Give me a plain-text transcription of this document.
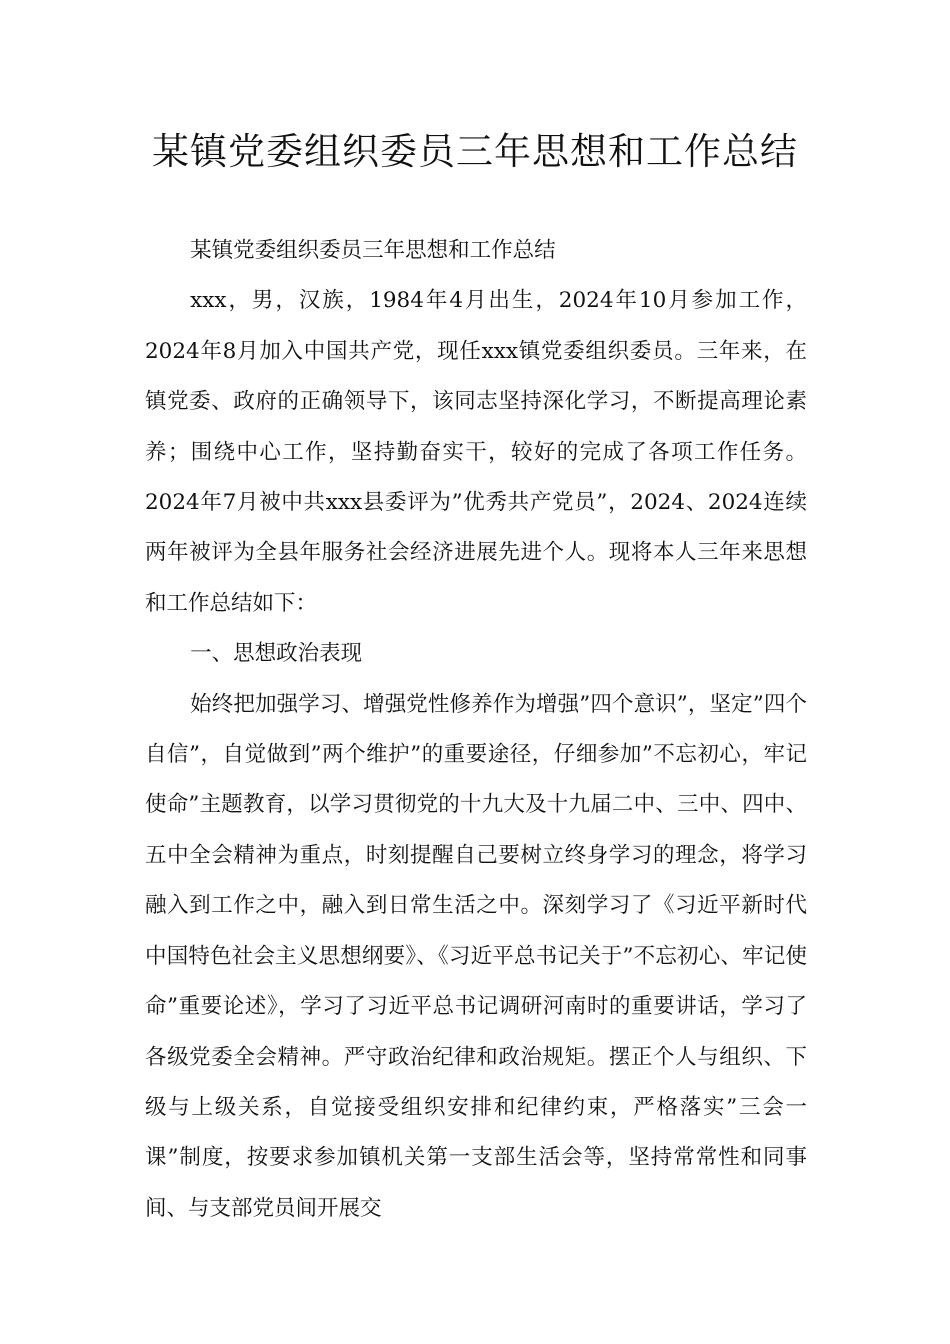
某镇党委组织委员三年思想和工作总结

某镇党委组织委员三年思想和工作总结

xxx，男，汉族，1984年4月出生，2024年10月参加工作，2024年8月加入中国共产党，现任xxx镇党委组织委员。三年来，在镇党委、政府的正确领导下，该同志坚持深化学习，不断提高理论素养；围绕中心工作，坚持勤奋实干，较好的完成了各项工作任务。2024年7月被中共xxx县委评为”优秀共产党员”，2024、2024连续两年被评为全县年服务社会经济进展先进个人。现将本人三年来思想和工作总结如下：

一、思想政治表现

始终把加强学习、增强党性修养作为增强”四个意识”，坚定”四个自信”，自觉做到”两个维护”的重要途径，仔细参加”不忘初心，牢记使命”主题教育，以学习贯彻党的十九大及十九届二中、三中、四中、五中全会精神为重点，时刻提醒自己要树立终身学习的理念，将学习融入到工作之中，融入到日常生活之中。深刻学习了《习近平新时代中国特色社会主义思想纲要》、《习近平总书记关于”不忘初心、牢记使命”重要论述》，学习了习近平总书记调研河南时的重要讲话，学习了各级党委全会精神。严守政治纪律和政治规矩。摆正个人与组织、下级与上级关系，自觉接受组织安排和纪律约束，严格落实”三会一课”制度，按要求参加镇机关第一支部生活会等，坚持常常性和同事间、与支部党员间开展交
